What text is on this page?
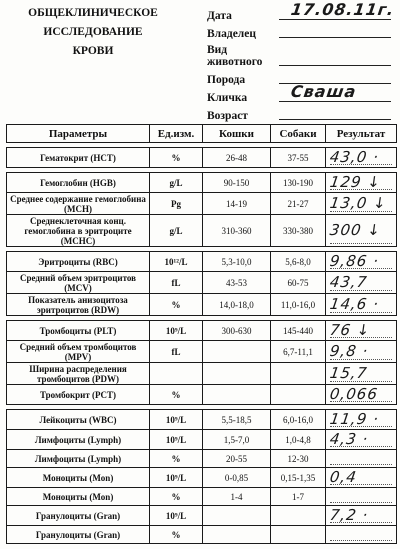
ОБЩЕКЛИНИЧЕСКОЕ
ИССЛЕДОВАНИЕ
КРОВИ
Дата	17.08.11г.
Владелец
Вид животного
Порода
Кличка	Сваша
Возраст
Параметры	Ед.изм.	Кошки	Собаки	Результат

Гематокрит (HCT)	%	26-48	37-55	43,0 ·

Гемоглобин (HGB)	g/L	90-150	130-190	129 ↓

Среднее содержание гемоглобина (MCH)	Pg	14-19	21-27	13,0 ↓

Среднеклеточная конц. гемоглобина в эритроците (MCHC)	g/L	310-360	330-380	300 ↓

Эритроциты (RBC)	10¹²/L	5,3-10,0	5,6-8,0	9,86 ·

Средний объем эритроцитов (MCV)	fL	43-53	60-75	43,7

Показатель анизоцитоза эритроцитов (RDW)	%	14,0-18,0	11,0-16,0	14,6 ·

Тромбоциты (PLT)	10⁹/L	300-630	145-440	76 ↓

Средний объем тромбоцитов (MPV)	fL		6,7-11,1	9,8 ·

Ширина распределения тромбоцитов (PDW)				15,7

Тромбокрит (PCT)	%			0,066

Лейкоциты (WBC)	10⁹/L	5,5-18,5	6,0-16,0	11,9 ·

Лимфоциты (Lymph)	10⁹/L	1,5-7,0	1,0-4,8	4,3 ·

Лимфоциты (Lymph)	%	20-55	12-30	

Моноциты (Mon)	10⁹/L	0-0,85	0,15-1,35	0,4

Моноциты (Mon)	%	1-4	1-7	

Гранулоциты (Gran)	10⁹/L			7,2 ·

Гранулоциты (Gran)	%			
